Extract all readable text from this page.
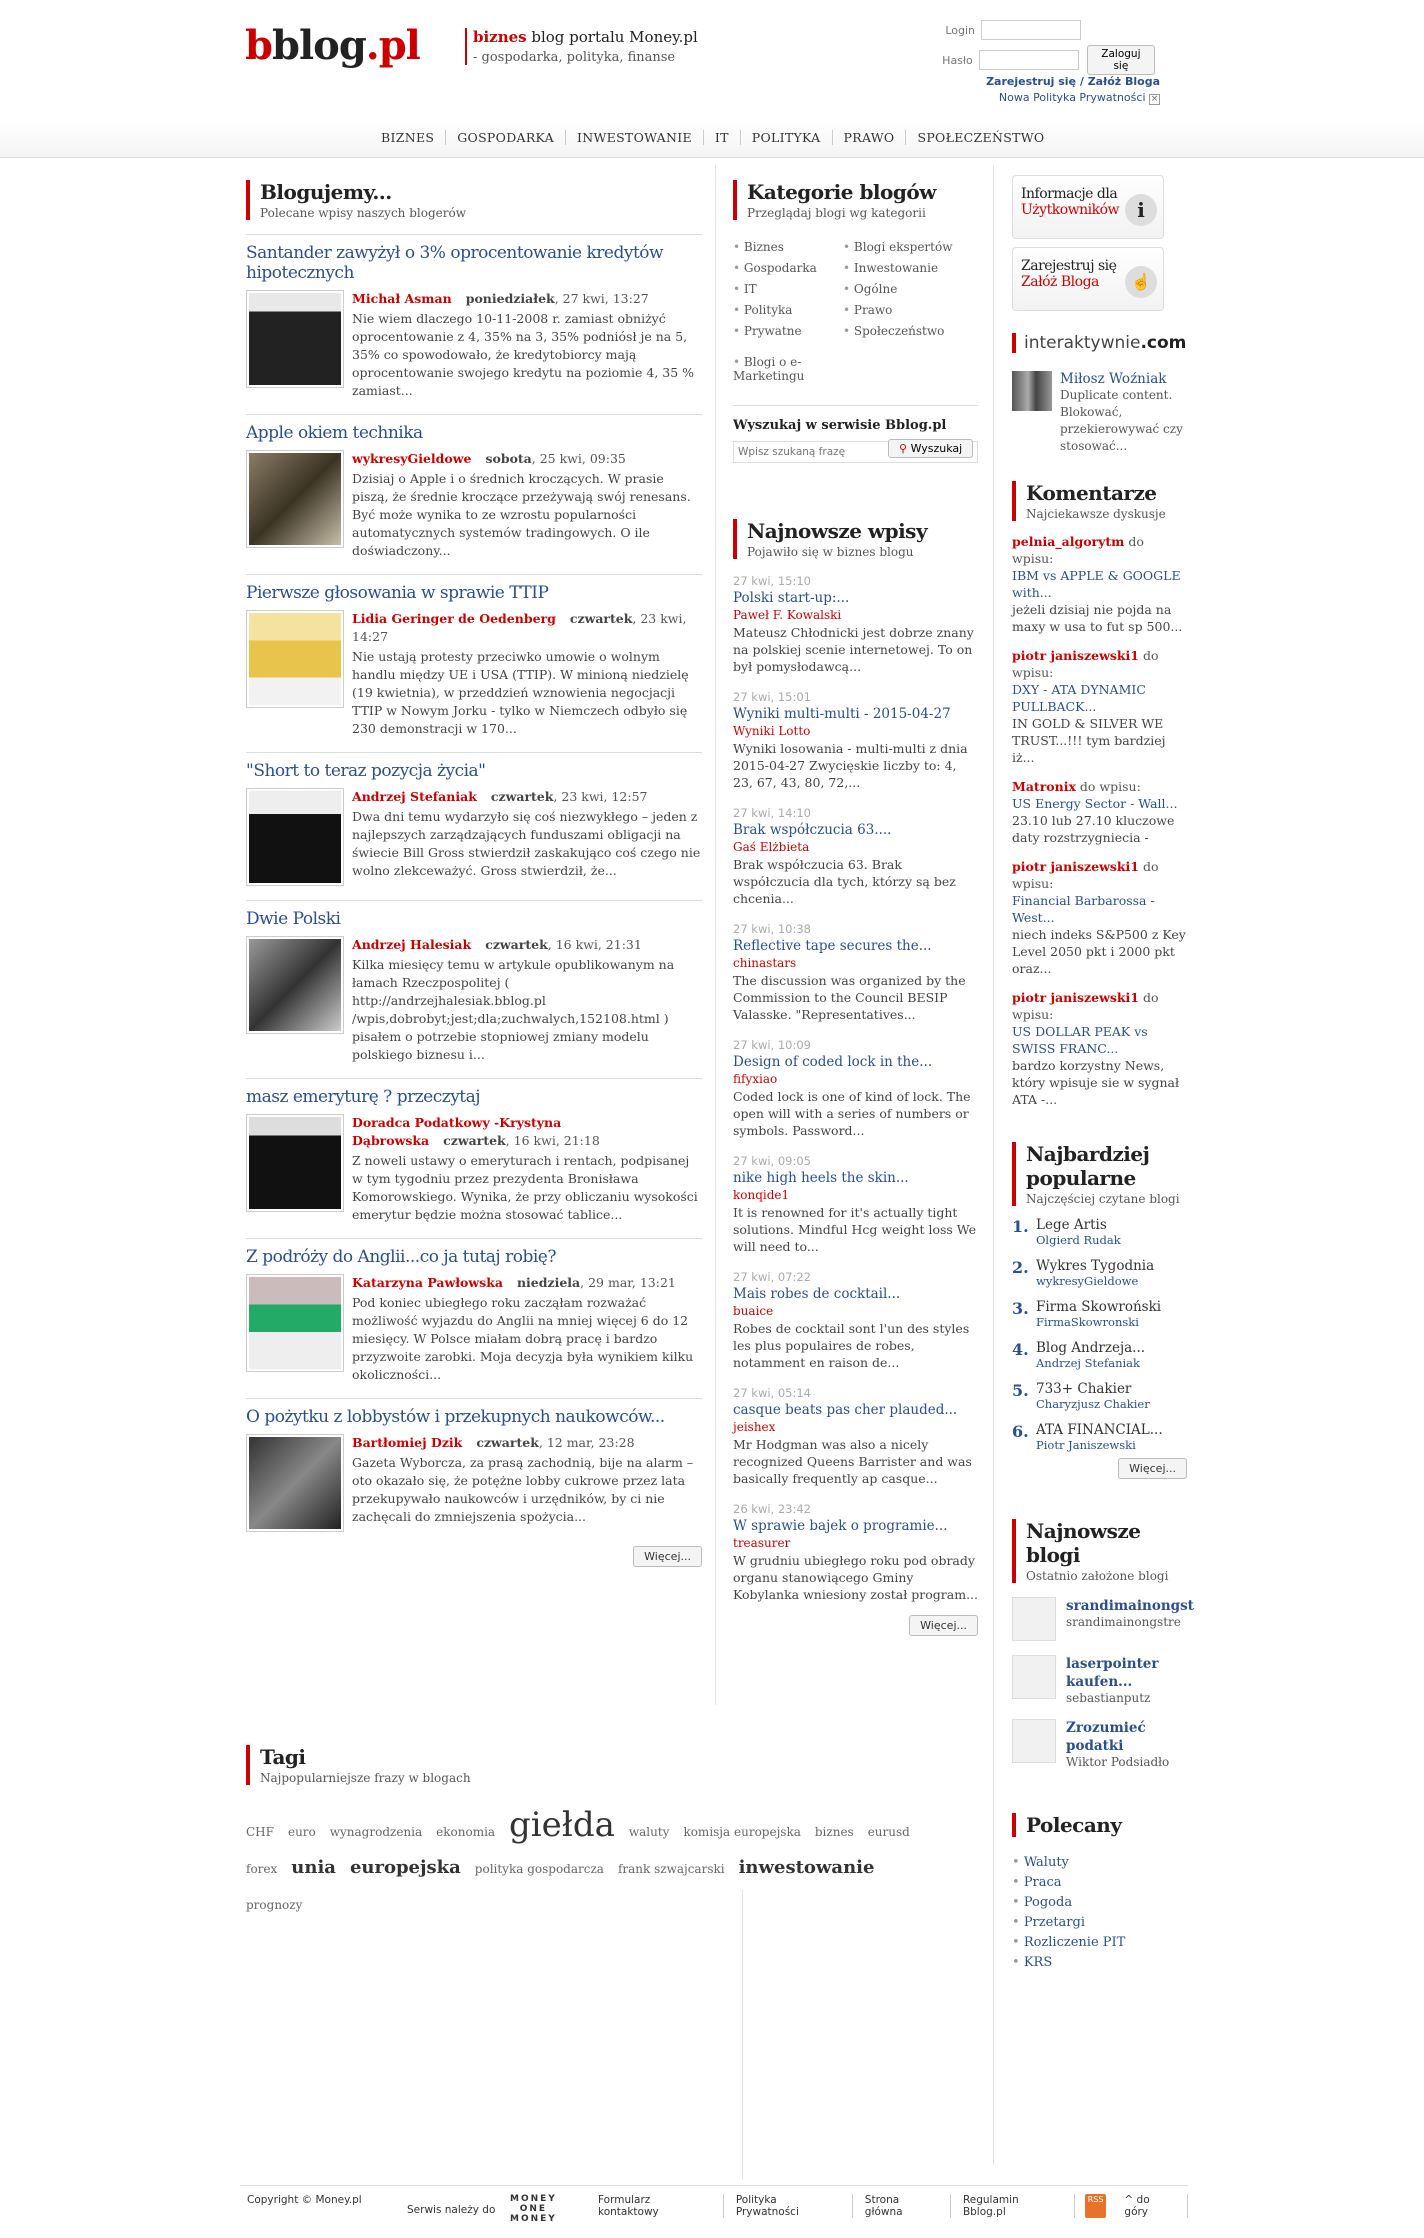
bblog.pl	biznes blog portalu Money.pl
- gospodarka, polityka, finanse
Login
Hasło	Zaloguj się
Zarejestruj się / Załóż Bloga
Nowa Polityka Prywatności ×
BIZNES	GOSPODARKA	INWESTOWANIE	IT	POLITYKA	PRAWO	SPOŁECZEŃSTWO
Blogujemy...
Polecane wpisy naszych blogerów
Santander zawyżył o 3% oprocentowanie kredytów hipotecznych
Michał Asman poniedziałek, 27 kwi, 13:27
Nie wiem dlaczego 10-11-2008 r. zamiast obniżyć oprocentowanie z 4, 35% na 3, 35% podniósł je na 5, 35% co spowodowało, że kredytobiorcy mają oprocentowanie swojego kredytu na poziomie 4, 35 % zamiast...
Apple okiem technika
wykresyGieldowe sobota, 25 kwi, 09:35
Dzisiaj o Apple i o średnich kroczących. W prasie piszą, że średnie kroczące przeżywają swój renesans. Być może wynika to ze wzrostu popularności automatycznych systemów tradingowych. O ile doświadczony...
Pierwsze głosowania w sprawie TTIP
Lidia Geringer de Oedenberg czwartek, 23 kwi, 14:27
Nie ustają protesty przeciwko umowie o wolnym handlu między UE i USA (TTIP). W minioną niedzielę (19 kwietnia), w przeddzień wznowienia negocjacji TTIP w Nowym Jorku - tylko w Niemczech odbyło się 230 demonstracji w 170...
"Short to teraz pozycja życia"
Andrzej Stefaniak czwartek, 23 kwi, 12:57
Dwa dni temu wydarzyło się coś niezwykłego – jeden z najlepszych zarządzających funduszami obligacji na świecie Bill Gross stwierdził zaskakująco coś czego nie wolno zlekceważyć. Gross stwierdził, że...
Dwie Polski
Andrzej Halesiak czwartek, 16 kwi, 21:31
Kilka miesięcy temu w artykule opublikowanym na łamach Rzeczpospolitej ( http://andrzejhalesiak.bblog.pl /wpis,dobrobyt;jest;dla;zuchwalych,152108.html ) pisałem o potrzebie stopniowej zmiany modelu polskiego biznesu i...
masz emeryturę ? przeczytaj
Doradca Podatkowy -Krystyna Dąbrowska czwartek, 16 kwi, 21:18
Z noweli ustawy o emeryturach i rentach, podpisanej w tym tygodniu przez prezydenta Bronisława Komorowskiego. Wynika, że przy obliczaniu wysokości emerytur będzie można stosować tablice...
Z podróży do Anglii...co ja tutaj robię?
Katarzyna Pawłowska niedziela, 29 mar, 13:21
Pod koniec ubiegłego roku zacząłam rozważać możliwość wyjazdu do Anglii na mniej więcej 6 do 12 miesięcy. W Polsce miałam dobrą pracę i bardzo przyzwoite zarobki. Moja decyzja była wynikiem kilku okoliczności...
O pożytku z lobbystów i przekupnych naukowców...
Bartłomiej Dzik czwartek, 12 mar, 23:28
Gazeta Wyborcza, za prasą zachodnią, bije na alarm – oto okazało się, że potężne lobby cukrowe przez lata przekupywało naukowców i urzędników, by ci nie zachęcali do zmniejszenia spożycia...
Więcej...
Tagi
Najpopularniejsze frazy w blogach
CHF euro wynagrodzenia ekonomia giełda waluty komisja europejska biznes eurusd forex unia europejska polityka gospodarcza frank szwajcarski inwestowanie prognozy
Kategorie blogów
Przeglądaj blogi wg kategorii
• Biznes	• Blogi ekspertów
• Gospodarka	• Inwestowanie
• IT	• Ogólne
• Polityka	• Prawo
• Prywatne	• Społeczeństwo
• Blogi o e-Marketingu
Wyszukaj w serwisie Bblog.pl
Wpisz szukaną frazę
⚲ Wyszukaj
Najnowsze wpisy
Pojawiło się w biznes blogu
27 kwi, 15:10
Polski start-up:...
Paweł F. Kowalski
Mateusz Chłodnicki jest dobrze znany na polskiej scenie internetowej. To on był pomysłodawcą...
27 kwi, 15:01
Wyniki multi-multi - 2015-04-27
Wyniki Lotto
Wyniki losowania - multi-multi z dnia 2015-04-27 Zwycięskie liczby to: 4, 23, 67, 43, 80, 72,...
27 kwi, 14:10
Brak współczucia 63....
Gaś Elżbieta
Brak współczucia 63. Brak współczucia dla tych, którzy są bez chcenia...
27 kwi, 10:38
Reflective tape secures the...
chinastars
The discussion was organized by the Commission to the Council BESIP Valasske. "Representatives...
27 kwi, 10:09
Design of coded lock in the...
fifyxiao
Coded lock is one of kind of lock. The open will with a series of numbers or symbols. Password...
27 kwi, 09:05
nike high heels the skin...
konqide1
It is renowned for it's actually tight solutions. Mindful Hcg weight loss We will need to...
27 kwi, 07:22
Mais robes de cocktail...
buaice
Robes de cocktail sont l'un des styles les plus populaires de robes, notamment en raison de...
27 kwi, 05:14
casque beats pas cher plauded...
jeishex
Mr Hodgman was also a nicely recognized Queens Barrister and was basically frequently ap casque...
26 kwi, 23:42
W sprawie bajek o programie...
treasurer
W grudniu ubiegłego roku pod obrady organu stanowiącego Gminy Kobylanka wniesiony został program...
Więcej...
Informacje dla
Użytkowników i
Zarejestruj się
Załóż Bloga	☝
interaktywnie.com
Miłosz Woźniak
Duplicate content. Blokować, przekierowywać czy stosować...
Komentarze
Najciekawsze dyskusje
pelnia_algorytm do wpisu:
IBM vs APPLE & GOOGLE with...
jeżeli dzisiaj nie pojda na maxy w usa to fut sp 500...
piotr janiszewski1 do wpisu:
DXY - ATA DYNAMIC PULLBACK...
IN GOLD & SILVER WE TRUST...!!! tym bardziej iż...
Matronix do wpisu:
US Energy Sector - Wall...
23.10 lub 27.10 kluczowe daty rozstrzygniecia -
piotr janiszewski1 do wpisu:
Financial Barbarossa - West...
niech indeks S&P500 z Key Level 2050 pkt i 2000 pkt oraz...
piotr janiszewski1 do wpisu:
US DOLLAR PEAK vs SWISS FRANC...
bardzo korzystny News, który wpisuje sie w sygnał ATA -...
Najbardziej popularne
Najczęściej czytane blogi
1. Lege Artis
Olgierd Rudak
2. Wykres Tygodnia
wykresyGieldowe
3. Firma Skowroński
FirmaSkowronski
4. Blog Andrzeja...
Andrzej Stefaniak
5. 733+ Chakier
Charyzjusz Chakier
6. ATA FINANCIAL...
Piotr Janiszewski
Więcej...
Najnowsze blogi
Ostatnio założone blogi
srandimainongst
srandimainongstre
laserpointer kaufen...
sebastianputz
Zrozumieć podatki
Wiktor Podsiadło
Polecany
• Waluty
• Praca
• Pogoda
• Przetargi
• Rozliczenie PIT
• KRS
Copyright © Money.pl
Serwis należy do
MONEY
ONE
MONEY
Formularz kontaktowy
Polityka Prywatności
Strona główna
Regulamin Bblog.pl
RSS	^ do góry
